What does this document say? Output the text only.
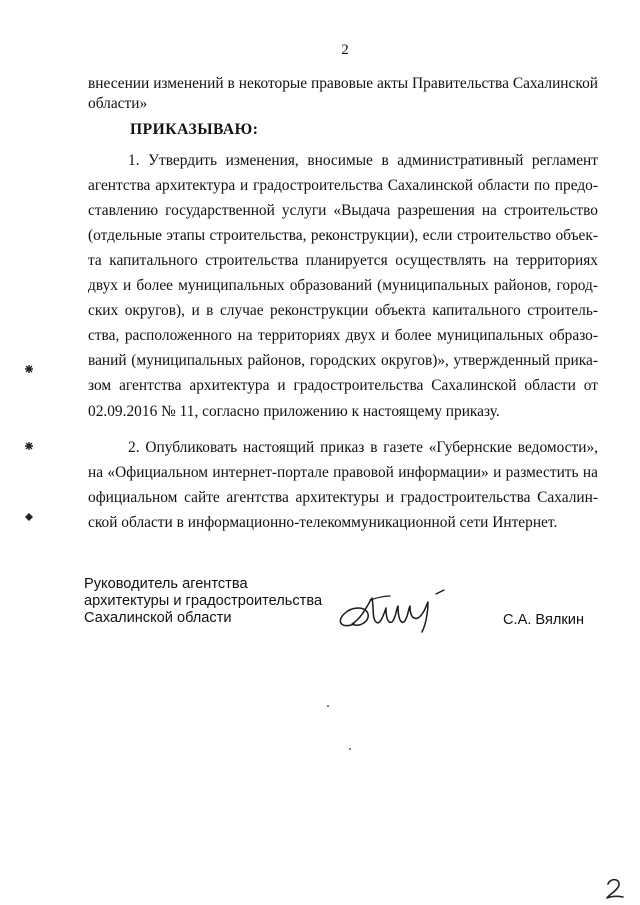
2
внесении изменений в некоторые правовые акты Правительства Сахалинской
области»
ПРИКАЗЫВАЮ:
1. Утвердить изменения, вносимые в административный регламент
агентства архитектура и градостроительства Сахалинской области по предо-
ставлению государственной услуги «Выдача разрешения на строительство
(отдельные этапы строительства, реконструкции), если строительство объек-
та капитального строительства планируется осуществлять на территориях
двух и более муниципальных образований (муниципальных районов, город-
ских округов), и в случае реконструкции объекта капитального строитель-
ства, расположенного на территориях двух и более муниципальных образо-
ваний (муниципальных районов, городских округов)», утвержденный прика-
зом агентства архитектура и градостроительства Сахалинской области от
02.09.2016 № 11, согласно приложению к настоящему приказу.
2. Опубликовать настоящий приказ в газете «Губернские ведомости»,
на «Официальном интернет-портале правовой информации» и разместить на
официальном сайте агентства архитектуры и градостроительства Сахалин-
ской области в информационно-телекоммуникационной сети Интернет.
Руководитель агентства
архитектуры и градостроительства
Сахалинской области	С.А. Вялкин
